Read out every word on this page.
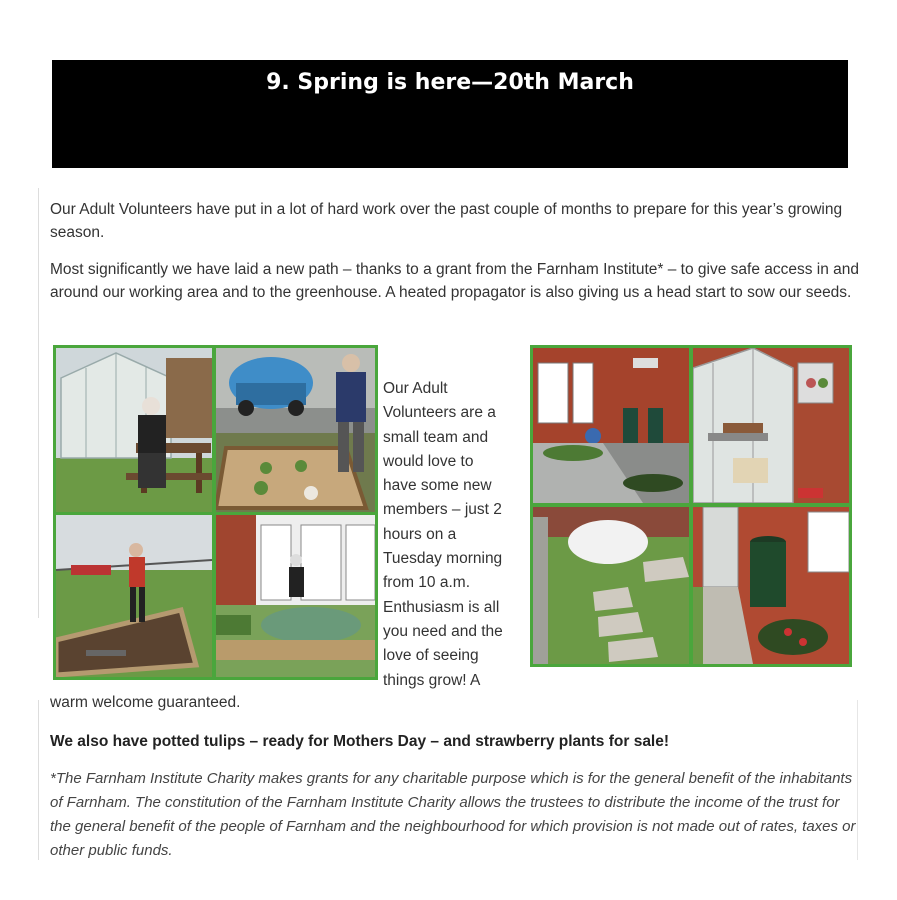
9. Spring is here—20th March

Our Adult Volunteers have put in a lot of hard work over the past couple of months to prepare for this year’s growing season.

Most significantly we have laid a new path – thanks to a grant from the Farnham Institute* – to give safe access in and around our working area and to the greenhouse. A heated propagator is also giving us a head start to sow our seeds.

Our Adult
Volunteers are a
small team and
would love to
have some new
members – just 2
hours on a
Tuesday morning
from 10 a.m.
Enthusiasm is all
you need and the
love of seeing
things grow! A

warm welcome guaranteed.

We also have potted tulips – ready for Mothers Day – and strawberry plants for sale!

*The Farnham Institute Charity makes grants for any charitable purpose which is for the general benefit of the inhabitants of Farnham. The constitution of the Farnham Institute Charity allows the trustees to distribute the income of the trust for the general benefit of the people of Farnham and the neighbourhood for which provision is not made out of rates, taxes or other public funds.
